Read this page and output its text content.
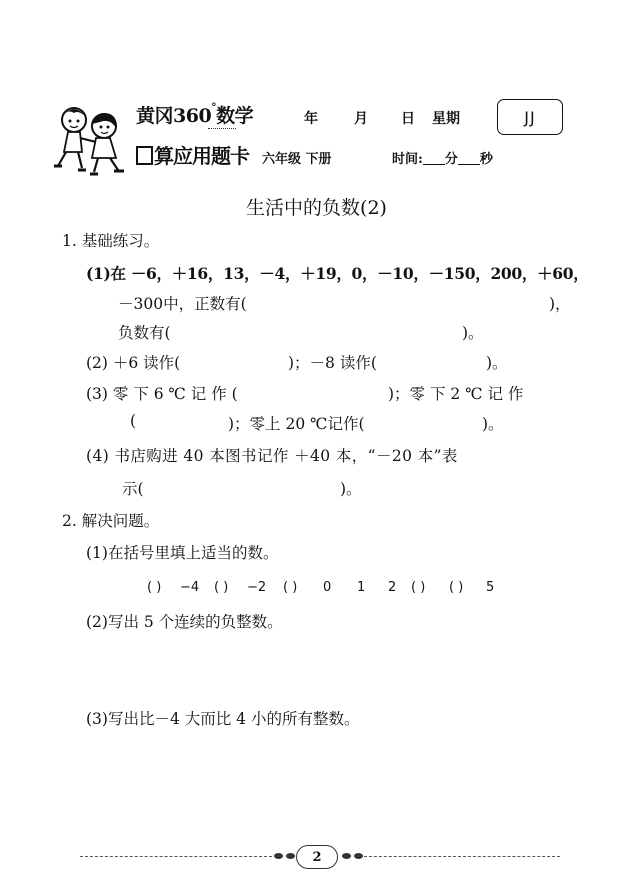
黄冈360°数学
算应用题卡
年	月 日 星期
六年级 下册	时间: 分 秒
JJ
生活中的负数(2)
1. 基础练习。
(1)在 －6，＋16，13，－4，＋19，0，－10，－150，200，＋60，
－300中，正数有(	)，
负数有(	)。
(2) ＋6 读作(	)；－8 读作(	)。
(3) 零 下 6 ℃ 记 作 (	)；零 下 2 ℃ 记 作
(	)；零上 20 ℃记作(	)。
(4) 书店购进 40 本图书记作 ＋40 本，“－20 本”表
示(	)。
2. 解决问题。
(1)在括号里填上适当的数。
( ) −4 ( ) −2 ( ) 0 1 2 ( ) ( ) 5
(2)写出 5 个连续的负整数。
(3)写出比－4 大而比 4 小的所有整数。
2
